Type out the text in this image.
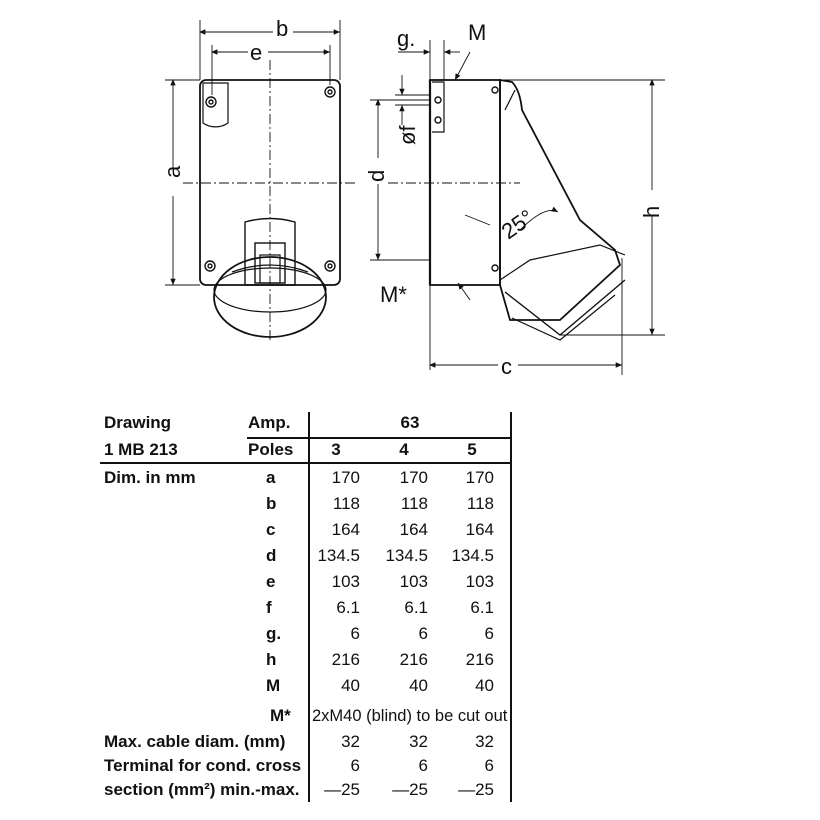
b
e
a
g. M
øf
d
25°	h
M*
c
Drawing
1 MB 213
Amp.	63
Poles	3	4	5
Dim. in mm	a	170	170	170
b	118	118	118
c	164	164	164
d	134.5	134.5	134.5
e	103	103	103
f	6.1	6.1	6.1
g.	6	6	6
h	216	216	216
M	40	40	40
M* 2xM40 (blind) to be cut out
Max. cable diam. (mm)	32	32	32
Terminal for cond. cross	6	6	6
section (mm²) min.-max.	—25	—25	—25
